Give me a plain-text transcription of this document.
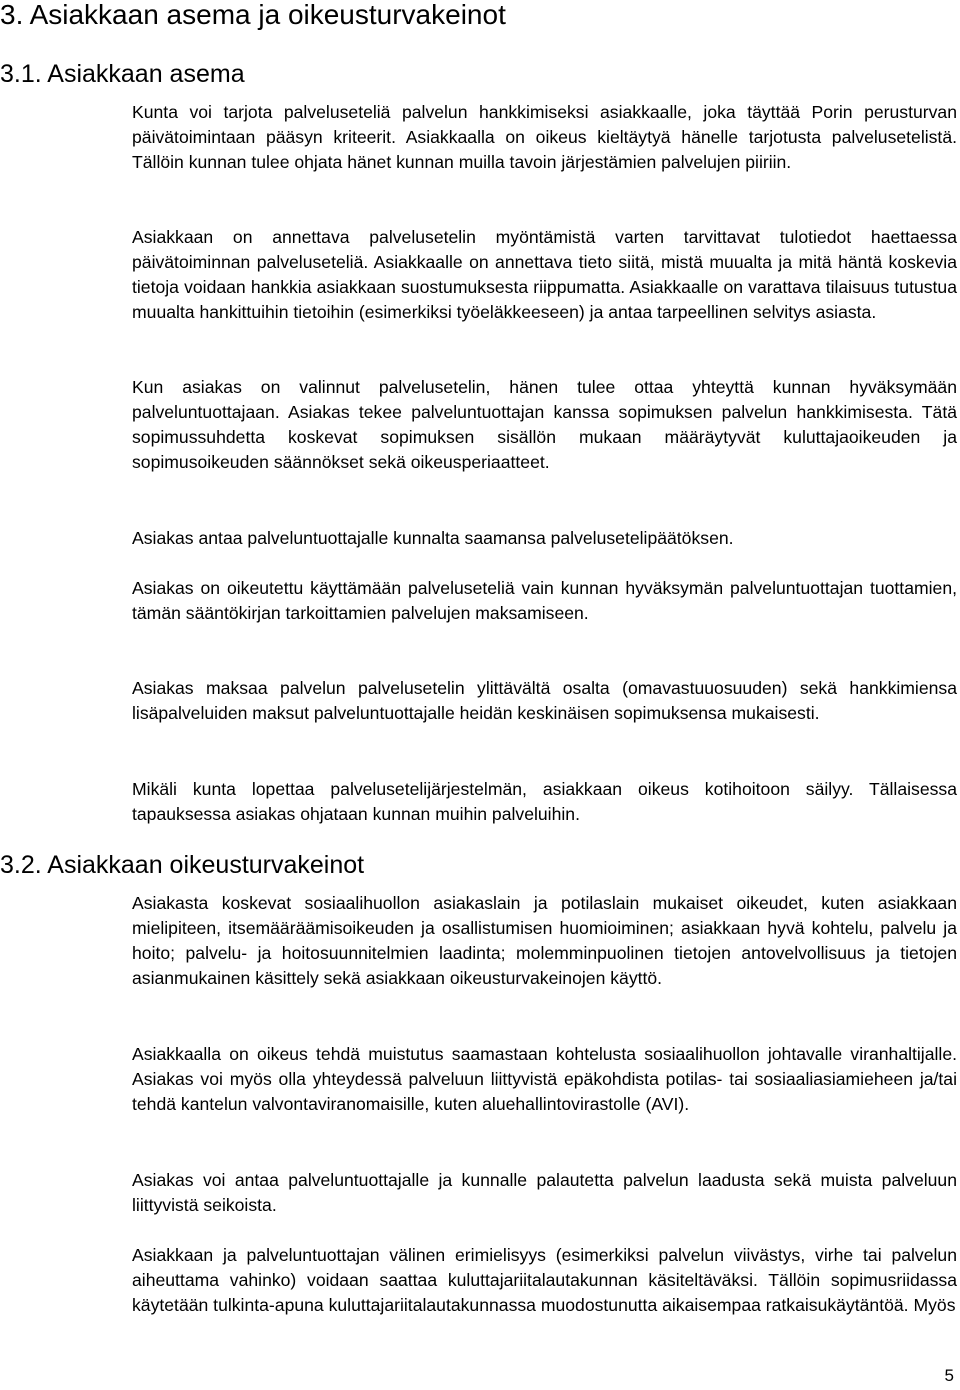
3. Asiakkaan asema ja oikeusturvakeinot
3.1. Asiakkaan asema

Kunta voi tarjota palveluseteliä palvelun hankkimiseksi asiakkaalle, joka täyttää Porin perusturvan päivätoimintaan pääsyn kriteerit. Asiakkaalla on oikeus kieltäytyä hänelle tarjotusta palvelusetelistä. Tällöin kunnan tulee ohjata hänet kunnan muilla tavoin järjestämien palvelujen piiriin.

Asiakkaan on annettava palvelusetelin myöntämistä varten tarvittavat tulotiedot haettaessa päivätoiminnan palveluseteliä. Asiakkaalle on annettava tieto siitä, mistä muualta ja mitä häntä koskevia tietoja voidaan hankkia asiakkaan suostumuksesta riippumatta. Asiakkaalle on varattava tilaisuus tutustua muualta hankittuihin tietoihin (esimerkiksi työeläkkeeseen) ja antaa tarpeellinen selvitys asiasta.

Kun asiakas on valinnut palvelusetelin, hänen tulee ottaa yhteyttä kunnan hyväksymään palveluntuottajaan. Asiakas tekee palveluntuottajan kanssa sopimuksen palvelun hankkimisesta. Tätä sopimussuhdetta koskevat sopimuksen sisällön mukaan määräytyvät kuluttajaoikeuden ja sopimusoikeuden säännökset sekä oikeusperiaatteet.

Asiakas antaa palveluntuottajalle kunnalta saamansa palvelusetelipäätöksen.

Asiakas on oikeutettu käyttämään palveluseteliä vain kunnan hyväksymän palveluntuottajan tuottamien, tämän sääntökirjan tarkoittamien palvelujen maksamiseen.

Asiakas maksaa palvelun palvelusetelin ylittävältä osalta (omavastuuosuuden) sekä hankkimiensa lisäpalveluiden maksut palveluntuottajalle heidän keskinäisen sopimuksensa mukaisesti.

Mikäli kunta lopettaa palvelusetelijärjestelmän, asiakkaan oikeus kotihoitoon säilyy. Tällaisessa tapauksessa asiakas ohjataan kunnan muihin palveluihin.

3.2. Asiakkaan oikeusturvakeinot

Asiakasta koskevat sosiaalihuollon asiakaslain ja potilaslain mukaiset oikeudet, kuten asiakkaan mielipiteen, itsemääräämisoikeuden ja osallistumisen huomioiminen; asiakkaan hyvä kohtelu, palvelu ja hoito; palvelu- ja hoitosuunnitelmien laadinta; molemminpuolinen tietojen antovelvollisuus ja tietojen asianmukainen käsittely sekä asiakkaan oikeusturvakeinojen käyttö.

Asiakkaalla on oikeus tehdä muistutus saamastaan kohtelusta sosiaalihuollon johtavalle viranhaltijalle. Asiakas voi myös olla yhteydessä palveluun liittyvistä epäkohdista potilas- tai sosiaaliasiamieheen ja/tai tehdä kantelun valvontaviranomaisille, kuten aluehallintovirastolle (AVI).

Asiakas voi antaa palveluntuottajalle ja kunnalle palautetta palvelun laadusta sekä muista palveluun liittyvistä seikoista.

Asiakkaan ja palveluntuottajan välinen erimielisyys (esimerkiksi palvelun viivästys, virhe tai palvelun aiheuttama vahinko) voidaan saattaa kuluttajariitalautakunnan käsiteltäväksi. Tällöin sopimusriidassa käytetään tulkinta-apuna kuluttajariitalautakunnassa muodostunutta aikaisempaa ratkaisukäytäntöä. Myös

5
